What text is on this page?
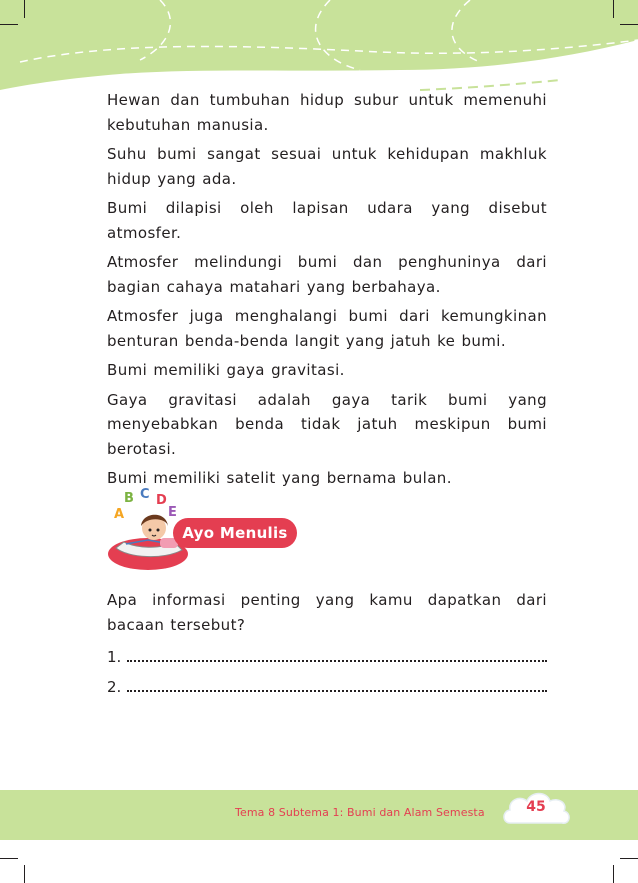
Hewan dan tumbuhan hidup subur untuk memenuhi kebutuhan manusia.

Suhu bumi sangat sesuai untuk kehidupan makhluk hidup yang ada.

Bumi dilapisi oleh lapisan udara yang disebut atmosfer.

Atmosfer melindungi bumi dan penghuninya dari bagian cahaya matahari yang berbahaya.

Atmosfer juga menghalangi bumi dari kemungkinan benturan benda-benda langit yang jatuh ke bumi.

Bumi memiliki gaya gravitasi.

Gaya gravitasi adalah gaya tarik bumi yang menyebabkan benda tidak jatuh meskipun bumi berotasi.

Bumi memiliki satelit yang bernama bulan.

A
B C D
E
Ayo Menulis

Apa informasi penting yang kamu dapatkan dari bacaan tersebut?

1.
2.
Tema 8 Subtema 1: Bumi dan Alam Semesta	45
